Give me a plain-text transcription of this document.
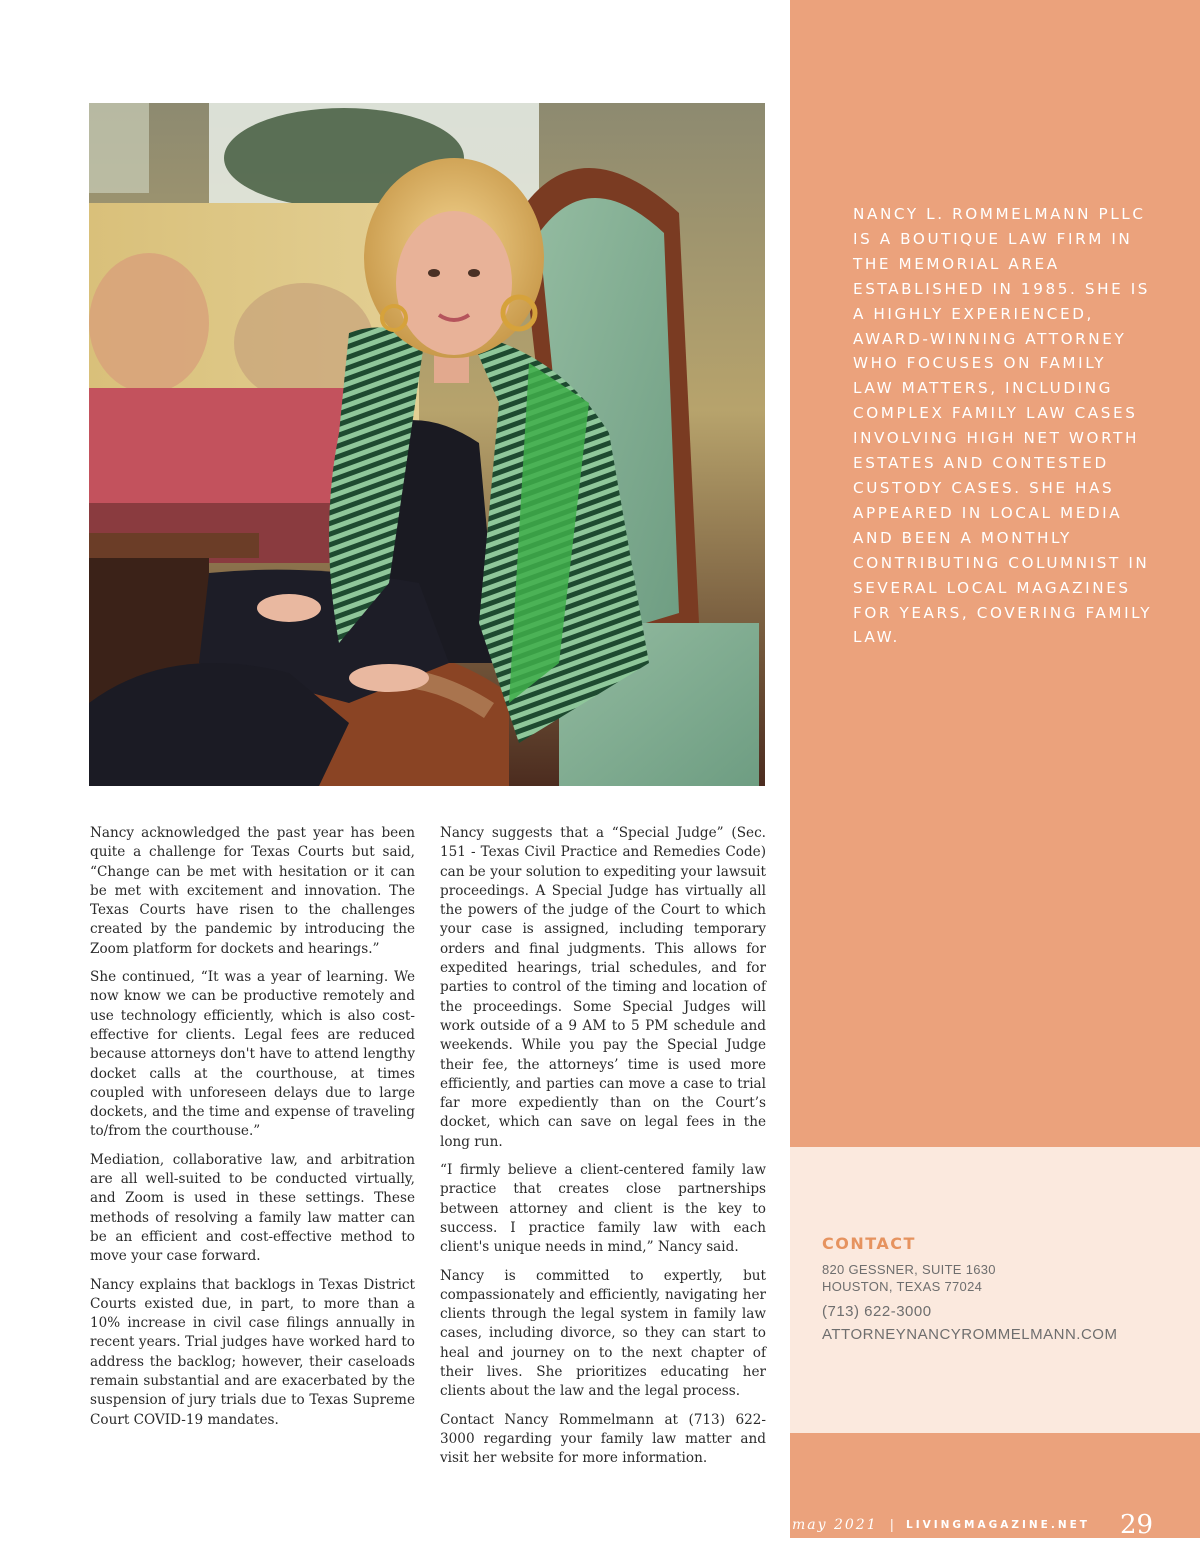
NANCY L. ROMMELMANN PLLC IS A BOUTIQUE LAW FIRM IN THE MEMORIAL AREA ESTABLISHED IN 1985. SHE IS A HIGHLY EXPERIENCED, AWARD-WINNING ATTORNEY WHO FOCUSES ON FAMILY LAW MATTERS, INCLUDING COMPLEX FAMILY LAW CASES INVOLVING HIGH NET WORTH ESTATES AND CONTESTED CUSTODY CASES. SHE HAS APPEARED IN LOCAL MEDIA AND BEEN A MONTHLY CONTRIBUTING COLUMNIST IN SEVERAL LOCAL MAGAZINES FOR YEARS, COVERING FAMILY LAW.
CONTACT
820 GESSNER, SUITE 1630
HOUSTON, TEXAS 77024
(713) 622-3000
ATTORNEYNANCYROMMELMANN.COM

Nancy acknowledged the past year has been quite a challenge for Texas Courts but said, “Change can be met with hesitation or it can be met with excitement and innovation. The Texas Courts have risen to the challenges created by the pandemic by introducing the Zoom platform for dockets and hearings.”

She continued, “It was a year of learning. We now know we can be productive remotely and use technology efficiently, which is also cost-effective for clients. Legal fees are reduced because attorneys don't have to attend lengthy docket calls at the courthouse, at times coupled with unforeseen delays due to large dockets, and the time and expense of traveling to/from the courthouse.”

Mediation, collaborative law, and arbitration are all well-suited to be conducted virtually, and Zoom is used in these settings. These methods of resolving a family law matter can be an efficient and cost-effective method to move your case forward.

Nancy explains that backlogs in Texas District Courts existed due, in part, to more than a 10% increase in civil case filings annually in recent years. Trial judges have worked hard to address the backlog; however, their caseloads remain substantial and are exacerbated by the suspension of jury trials due to Texas Supreme Court COVID-19 mandates.

Nancy suggests that a “Special Judge” (Sec. 151 - Texas Civil Practice and Remedies Code) can be your solution to expediting your lawsuit proceedings. A Special Judge has virtually all the powers of the judge of the Court to which your case is assigned, including temporary orders and final judgments. This allows for expedited hearings, trial schedules, and for parties to control of the timing and location of the proceedings. Some Special Judges will work outside of a 9 AM to 5 PM schedule and weekends. While you pay the Special Judge their fee, the attorneys’ time is used more efficiently, and parties can move a case to trial far more expediently than on the Court’s docket, which can save on legal fees in the long run.

“I firmly believe a client-centered family law practice that creates close partnerships between attorney and client is the key to success. I practice family law with each client's unique needs in mind,” Nancy said.

Nancy is committed to expertly, but compassionately and efficiently, navigating her clients through the legal system in family law cases, including divorce, so they can start to heal and journey on to the next chapter of their lives. She prioritizes educating her clients about the law and the legal process.

Contact Nancy Rommelmann at (713) 622-3000 regarding your family law matter and visit her website for more information.

may 2021 | LIVINGMAGAZINE.NET 29
